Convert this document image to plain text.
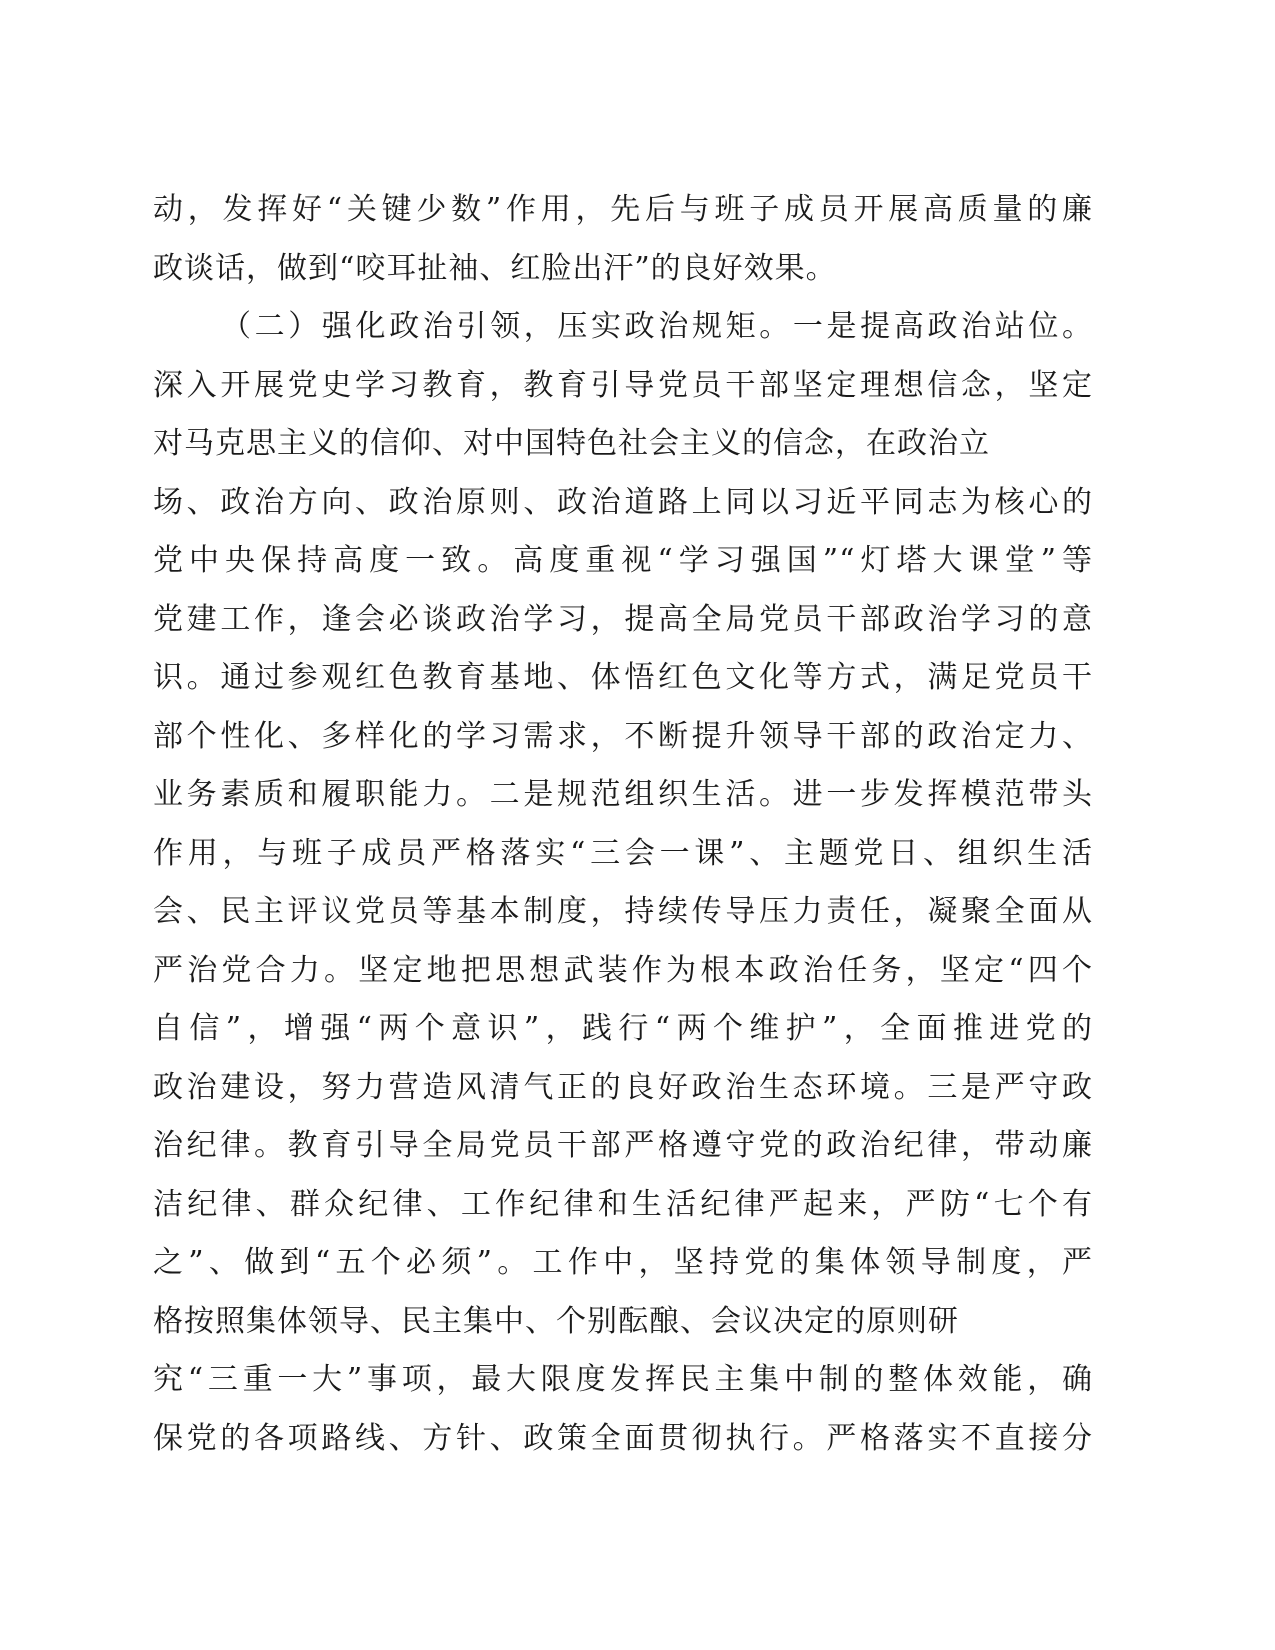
动，发挥好“关键少数”作用，先后与班子成员开展高质量的廉
政谈话，做到“咬耳扯袖、红脸出汗”的良好效果。
（二）强化政治引领，压实政治规矩。一是提高政治站位。
深入开展党史学习教育，教育引导党员干部坚定理想信念，坚定
对马克思主义的信仰、对中国特色社会主义的信念，在政治立
场、政治方向、政治原则、政治道路上同以习近平同志为核心的
党中央保持高度一致。高度重视“学习强国”“灯塔大课堂”等
党建工作，逢会必谈政治学习，提高全局党员干部政治学习的意
识。通过参观红色教育基地、体悟红色文化等方式，满足党员干
部个性化、多样化的学习需求，不断提升领导干部的政治定力、
业务素质和履职能力。二是规范组织生活。进一步发挥模范带头
作用，与班子成员严格落实“三会一课”、主题党日、组织生活
会、民主评议党员等基本制度，持续传导压力责任，凝聚全面从
严治党合力。坚定地把思想武装作为根本政治任务，坚定“四个
自信”，增强“两个意识”，践行“两个维护”，全面推进党的
政治建设，努力营造风清气正的良好政治生态环境。三是严守政
治纪律。教育引导全局党员干部严格遵守党的政治纪律，带动廉
洁纪律、群众纪律、工作纪律和生活纪律严起来，严防“七个有
之”、做到“五个必须”。工作中，坚持党的集体领导制度，严
格按照集体领导、民主集中、个别酝酿、会议决定的原则研
究“三重一大”事项，最大限度发挥民主集中制的整体效能，确
保党的各项路线、方针、政策全面贯彻执行。严格落实不直接分
